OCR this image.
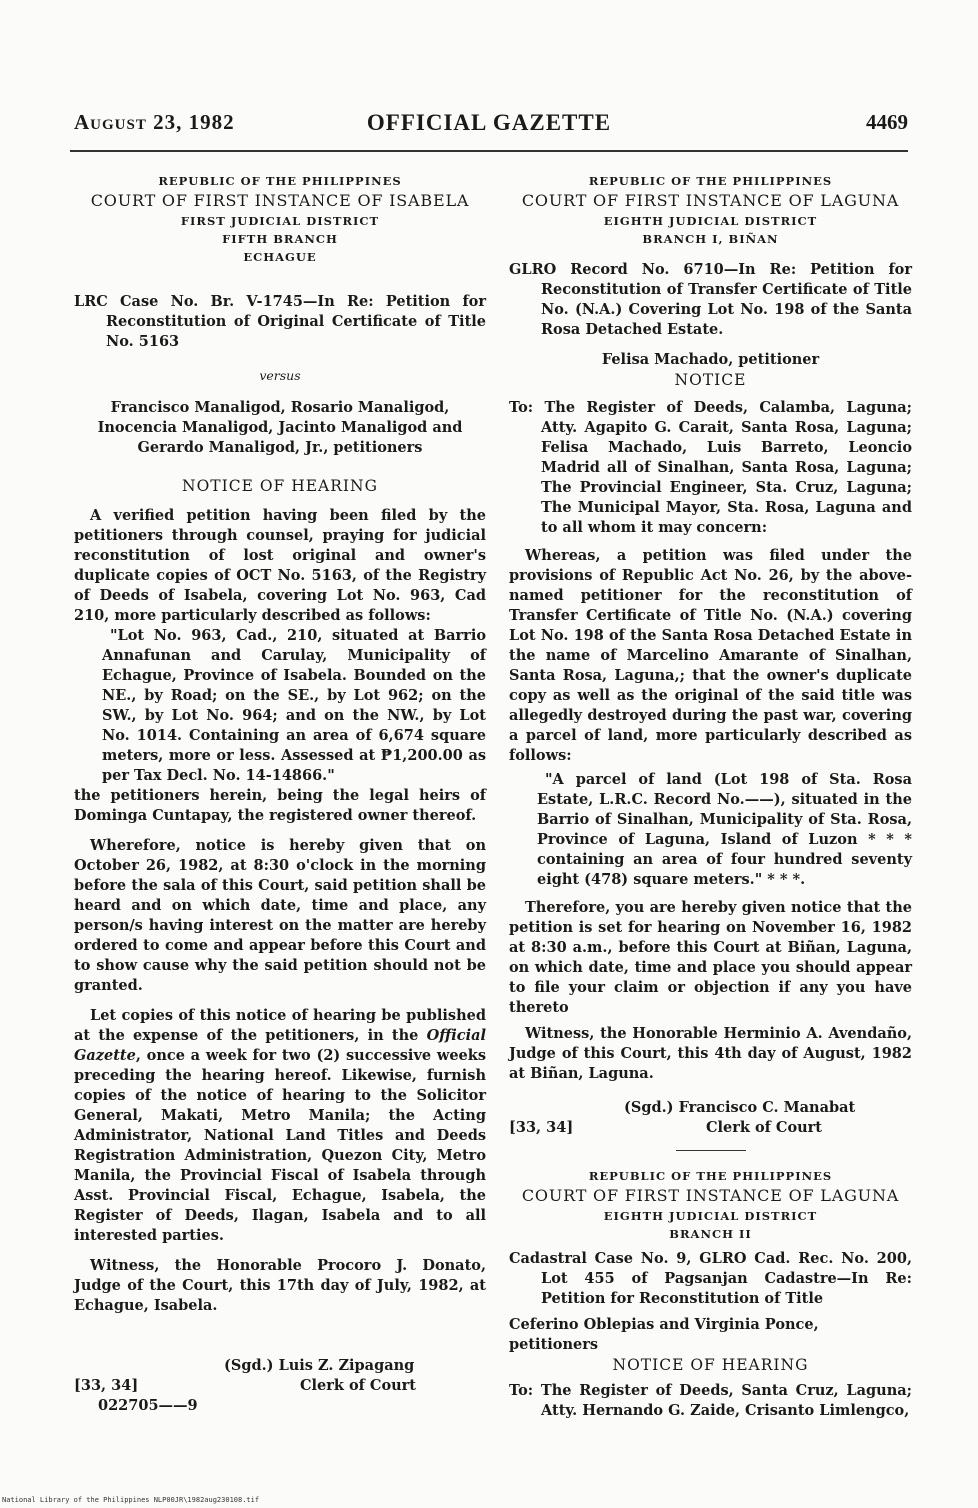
August 23, 1982	OFFICIAL GAZETTE	4469
REPUBLIC OF THE PHILIPPINES
COURT OF FIRST INSTANCE OF ISABELA
FIRST JUDICIAL DISTRICT
FIFTH BRANCH
ECHAGUE

LRC Case No. Br. V-1745—In Re: Petition for Reconstitution of Original Certificate of Title No. 5163

versus

Francisco Manaligod, Rosario Manaligod, Inocencia Manaligod, Jacinto Manaligod and Gerardo Manaligod, Jr., petitioners

NOTICE OF HEARING

A verified petition having been filed by the petitioners through counsel, praying for judicial reconstitution of lost original and owner's duplicate copies of OCT No. 5163, of the Registry of Deeds of Isabela, covering Lot No. 963, Cad 210, more particularly described as follows:

"Lot No. 963, Cad., 210, situated at Barrio Annafunan and Carulay, Municipality of Echague, Province of Isabela. Bounded on the NE., by Road; on the SE., by Lot 962; on the SW., by Lot No. 964; and on the NW., by Lot No. 1014. Containing an area of 6,674 square meters, more or less. Assessed at ₱1,200.00 as per Tax Decl. No. 14-14866."

the petitioners herein, being the legal heirs of Dominga Cuntapay, the registered owner thereof.

Wherefore, notice is hereby given that on October 26, 1982, at 8:30 o'clock in the morning before the sala of this Court, said petition shall be heard and on which date, time and place, any person/s having interest on the matter are hereby ordered to come and appear before this Court and to show cause why the said petition should not be granted.

Let copies of this notice of hearing be published at the expense of the petitioners, in the Official Gazette, once a week for two (2) successive weeks preceding the hearing hereof. Likewise, furnish copies of the notice of hearing to the Solicitor General, Makati, Metro Manila; the Acting Administrator, National Land Titles and Deeds Registration Administration, Quezon City, Metro Manila, the Provincial Fiscal of Isabela through Asst. Provincial Fiscal, Echague, Isabela, the Register of Deeds, Ilagan, Isabela and to all interested parties.

Witness, the Honorable Procoro J. Donato, Judge of the Court, this 17th day of July, 1982, at Echague, Isabela.

(Sgd.) Luis Z. Zipagang
[33, 34]	Clerk of Court
022705——9
REPUBLIC OF THE PHILIPPINES
COURT OF FIRST INSTANCE OF LAGUNA
EIGHTH JUDICIAL DISTRICT
BRANCH I, BIÑAN

GLRO Record No. 6710—In Re: Petition for Reconstitution of Transfer Certificate of Title No. (N.A.) Covering Lot No. 198 of the Santa Rosa Detached Estate.

Felisa Machado, petitioner

NOTICE

To: The Register of Deeds, Calamba, Laguna; Atty. Agapito G. Carait, Santa Rosa, Laguna; Felisa Machado, Luis Barreto, Leoncio Madrid all of Sinalhan, Santa Rosa, Laguna; The Provincial Engineer, Sta. Cruz, Laguna; The Municipal Mayor, Sta. Rosa, Laguna and to all whom it may concern:

Whereas, a petition was filed under the provisions of Republic Act No. 26, by the above-named petitioner for the reconstitution of Transfer Certificate of Title No. (N.A.) covering Lot No. 198 of the Santa Rosa Detached Estate in the name of Marcelino Amarante of Sinalhan, Santa Rosa, Laguna,; that the owner's duplicate copy as well as the original of the said title was allegedly destroyed during the past war, covering a parcel of land, more particularly described as follows:

"A parcel of land (Lot 198 of Sta. Rosa Estate, L.R.C. Record No.——), situated in the Barrio of Sinalhan, Municipality of Sta. Rosa, Province of Laguna, Island of Luzon * * * containing an area of four hundred seventy eight (478) square meters." * * *.

Therefore, you are hereby given notice that the petition is set for hearing on November 16, 1982 at 8:30 a.m., before this Court at Biñan, Laguna, on which date, time and place you should appear to file your claim or objection if any you have thereto

Witness, the Honorable Herminio A. Avendaño, Judge of this Court, this 4th day of August, 1982 at Biñan, Laguna.

(Sgd.) Francisco C. Manabat
[33, 34]	Clerk of Court
REPUBLIC OF THE PHILIPPINES
COURT OF FIRST INSTANCE OF LAGUNA
EIGHTH JUDICIAL DISTRICT
BRANCH II

Cadastral Case No. 9, GLRO Cad. Rec. No. 200, Lot 455 of Pagsanjan Cadastre—In Re: Petition for Reconstitution of Title

Ceferino Oblepias and Virginia Ponce, petitioners

NOTICE OF HEARING

To: The Register of Deeds, Santa Cruz, Laguna; Atty. Hernando G. Zaide, Crisanto Limlengco,

National Library of the Philippines NLP00JR\1982aug230108.tif
